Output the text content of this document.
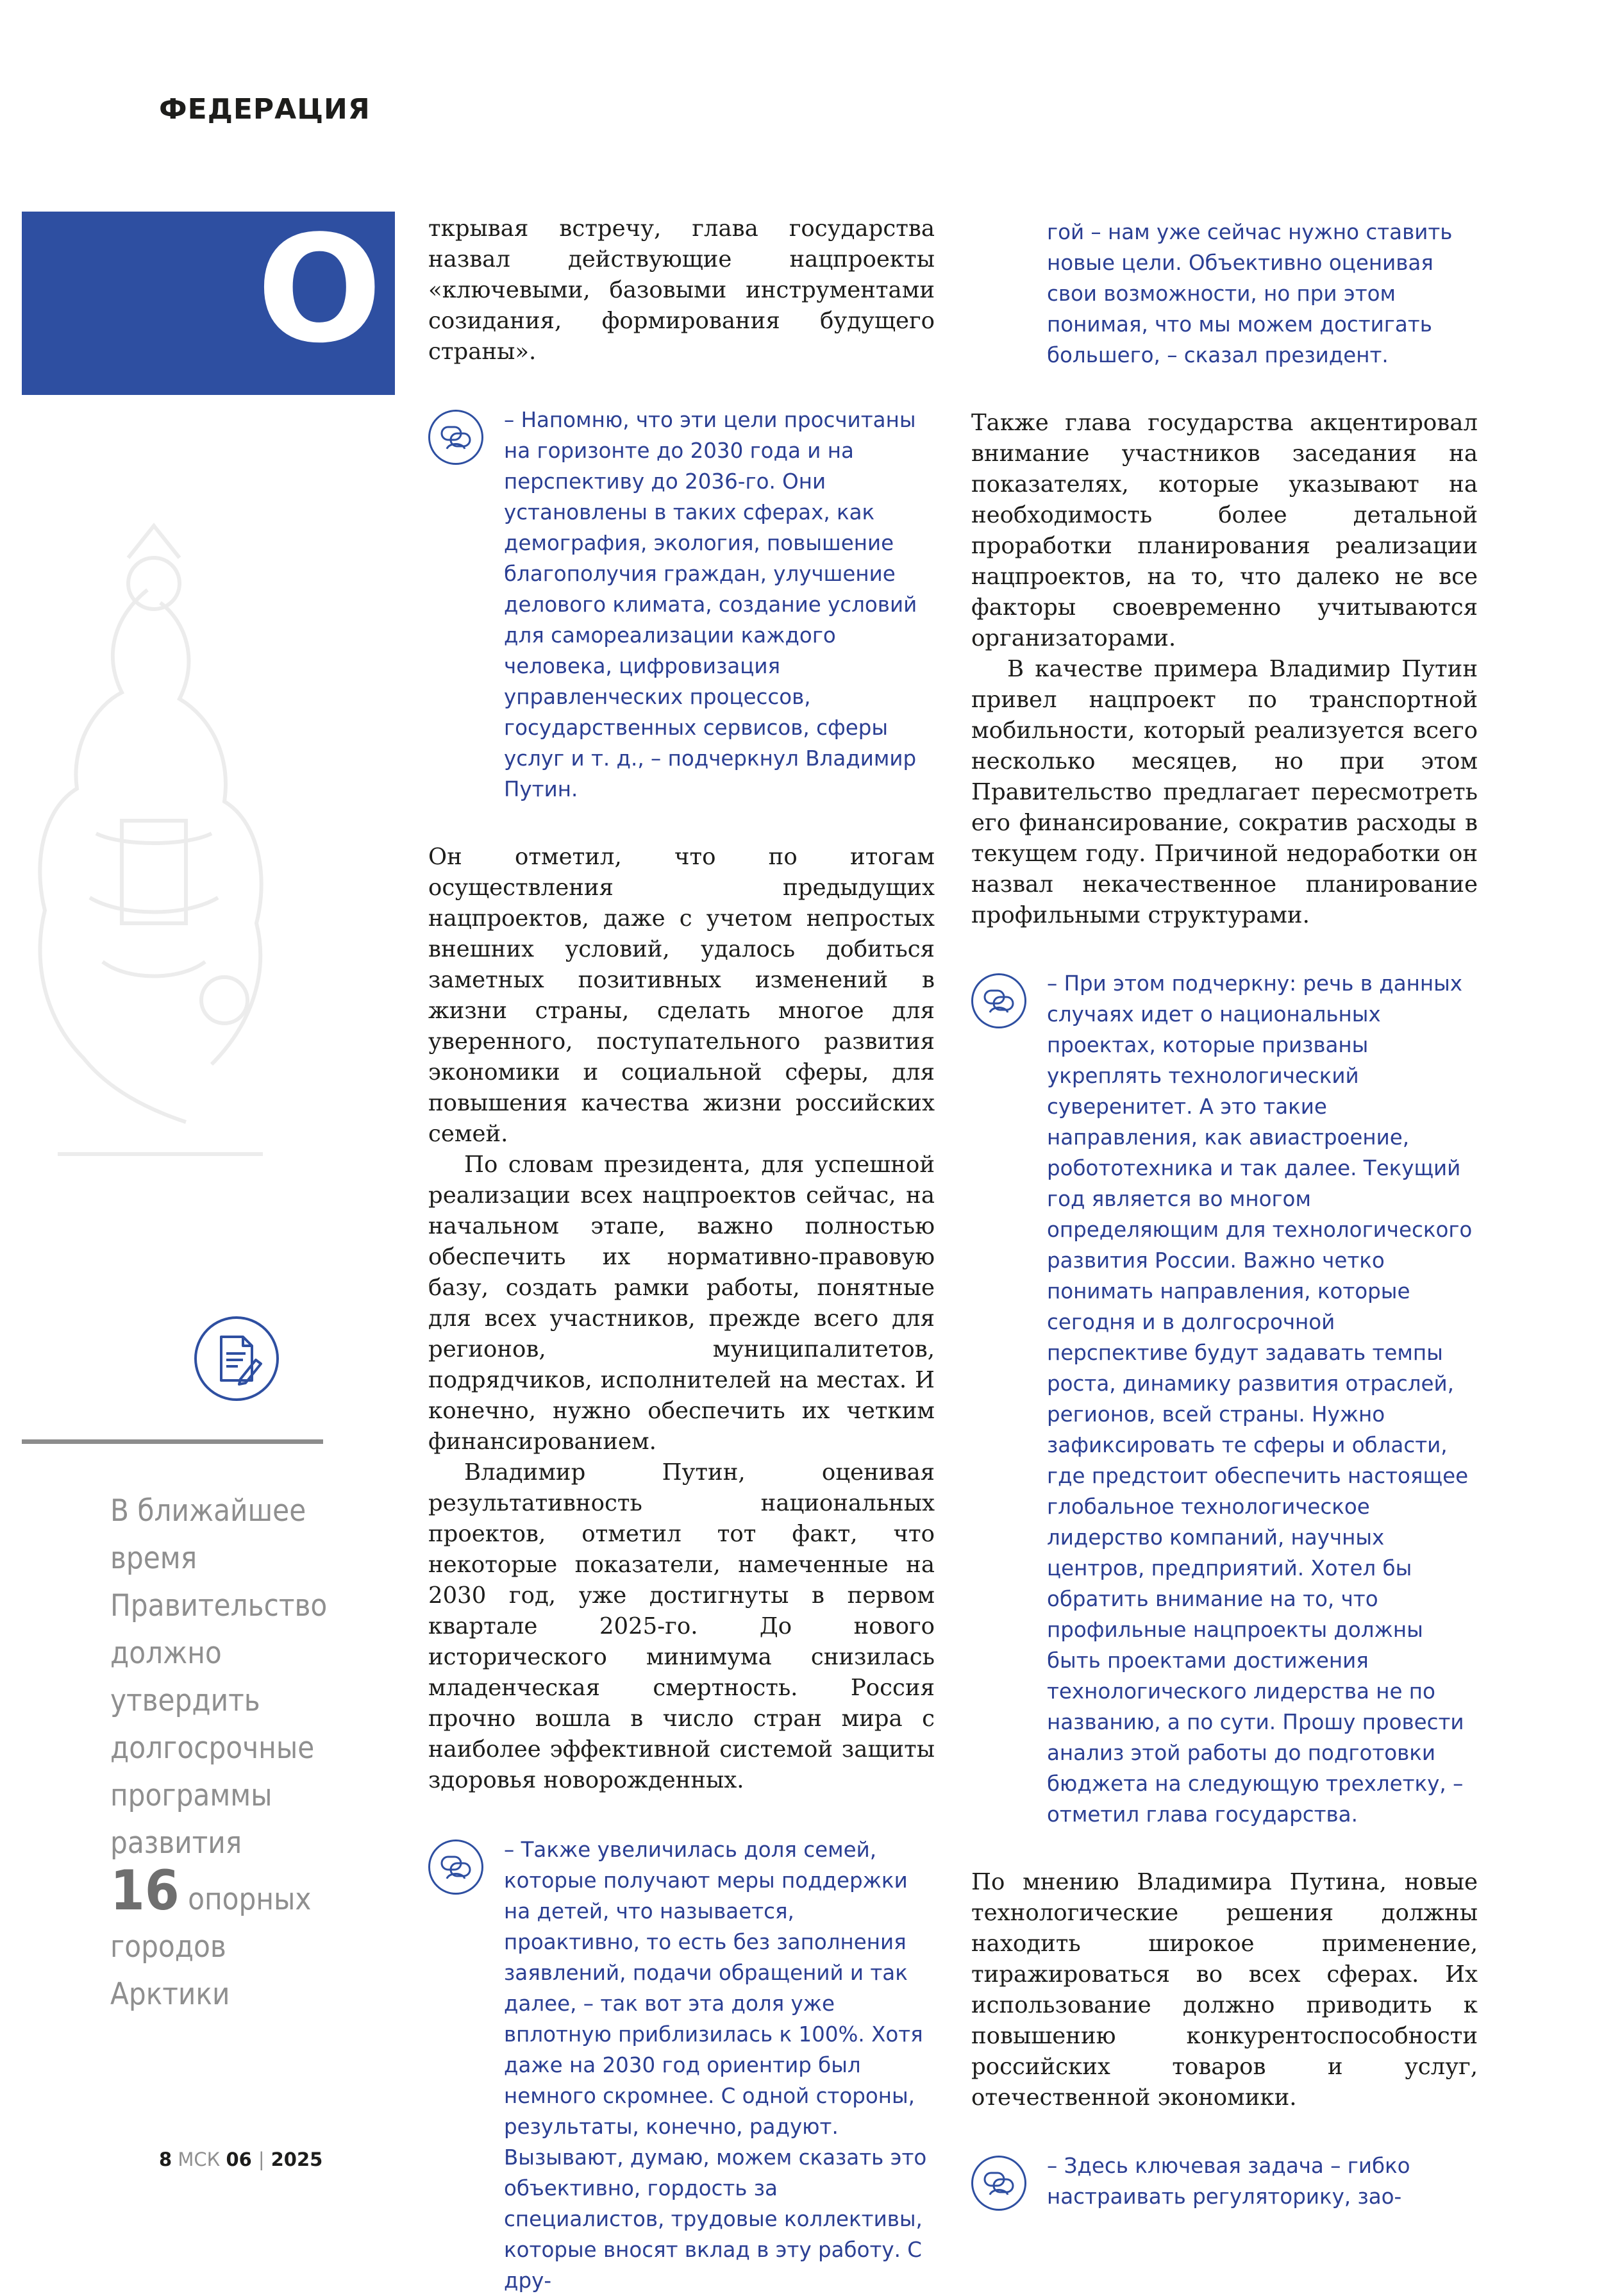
ФЕДЕРАЦИЯ
О
В ближайшее время Правительство должно утвердить долгосрочные программы развития
16 опорных городов Арктики

ткрывая встречу, глава государства назвал действующие нацпроекты «ключевыми, базовыми инструментами созидания, формирования будущего страны».

– Напомню, что эти цели просчитаны на горизонте до 2030 года и на перспективу до 2036-го. Они установлены в таких сферах, как демография, экология, повышение благополучия граждан, улучшение делового климата, создание условий для самореализации каждого человека, цифровизация управленческих процессов, государственных сервисов, сферы услуг и т. д., – подчеркнул Владимир Путин.

Он отметил, что по итогам осуществления предыдущих нацпроектов, даже с учетом непростых внешних условий, удалось добиться заметных позитивных изменений в жизни страны, сделать многое для уверенного, поступательного развития экономики и социальной сферы, для повышения качества жизни российских семей.

По словам президента, для успешной реализации всех нацпроектов сейчас, на начальном этапе, важно полностью обеспечить их нормативно-правовую базу, создать рамки работы, понятные для всех участников, прежде всего для регионов, муниципалитетов, подрядчиков, исполнителей на местах. И конечно, нужно обеспечить их четким финансированием.

Владимир Путин, оценивая результативность национальных проектов, отметил тот факт, что некоторые показатели, намеченные на 2030 год, уже достигнуты в первом квартале 2025-го. До нового исторического минимума снизилась младенческая смертность. Россия прочно вошла в число стран мира с наиболее эффективной системой защиты здоровья новорожденных.

– Также увеличилась доля семей, которые получают меры поддержки на детей, что называется, проактивно, то есть без заполнения заявлений, подачи обращений и так далее, – так вот эта доля уже вплотную приблизилась к 100%. Хотя даже на 2030 год ориентир был немного скромнее. С одной стороны, результаты, конечно, радуют. Вызывают, думаю, можем сказать это объективно, гордость за специалистов, трудовые коллективы, которые вносят вклад в эту работу. С дру-

гой – нам уже сейчас нужно ставить новые цели. Объективно оценивая свои возможности, но при этом понимая, что мы можем достигать большего, – сказал президент.

Также глава государства акцентировал внимание участников заседания на показателях, которые указывают на необходимость более детальной проработки планирования реализации нацпроектов, на то, что далеко не все факторы своевременно учитываются организаторами.

В качестве примера Владимир Путин привел нацпроект по транспортной мобильности, который реализуется всего несколько месяцев, но при этом Правительство предлагает пересмотреть его финансирование, сократив расходы в текущем году. Причиной недоработки он назвал некачественное планирование профильными структурами.

– При этом подчеркну: речь в данных случаях идет о национальных проектах, которые призваны укреплять технологический суверенитет. А это такие направления, как авиастроение, робототехника и так далее. Текущий год является во многом определяющим для технологического развития России. Важно четко понимать направления, которые сегодня и в долгосрочной перспективе будут задавать темпы роста, динамику развития отраслей, регионов, всей страны. Нужно зафиксировать те сферы и области, где предстоит обеспечить настоящее глобальное технологическое лидерство компаний, научных центров, предприятий. Хотел бы обратить внимание на то, что профильные нацпроекты должны быть проектами достижения технологического лидерства не по названию, а по сути. Прошу провести анализ этой работы до подготовки бюджета на следующую трехлетку, – отметил глава государства.

По мнению Владимира Путина, новые технологические решения должны находить широкое применение, тиражироваться во всех сферах. Их использование должно приводить к повышению конкурентоспособности российских товаров и услуг, отечественной экономики.

– Здесь ключевая задача – гибко настраивать регуляторику, зао-

8 МСК 06 | 2025
